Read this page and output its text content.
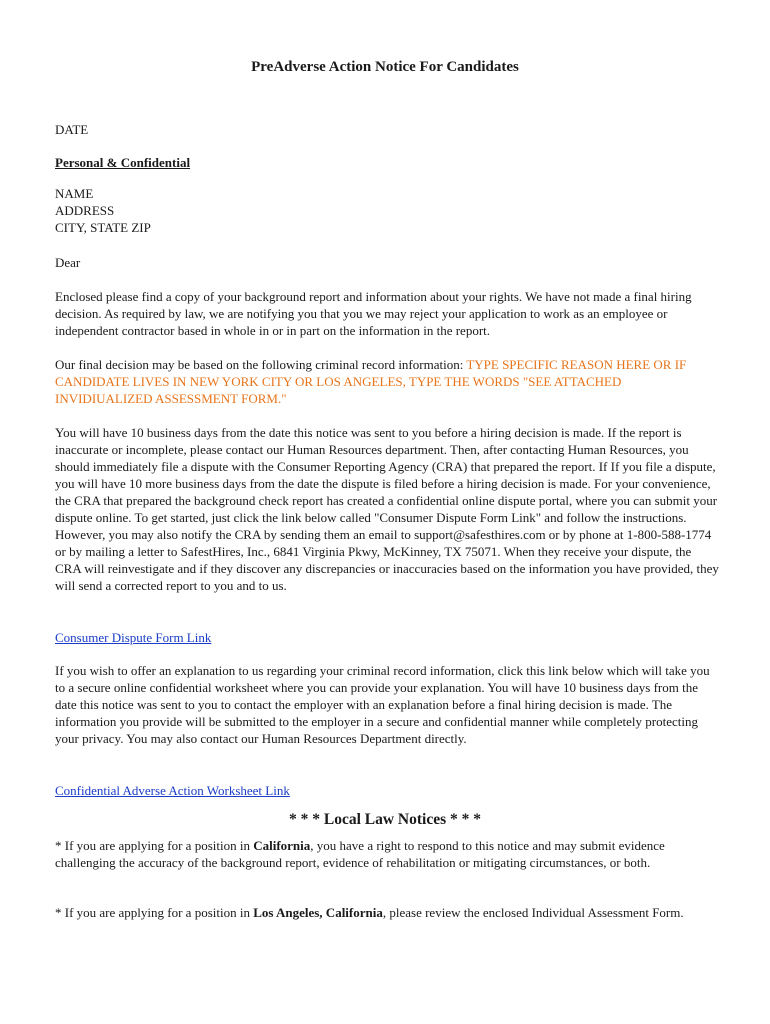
PreAdverse Action Notice For Candidates

DATE

Personal & Confidential

NAME
ADDRESS
CITY, STATE ZIP

Dear

Enclosed please find a copy of your background report and information about your rights. We have not made a final hiring decision. As required by law, we are notifying you that you we may reject your application to work as an employee or independent contractor based in whole in or in part on the information in the report.

Our final decision may be based on the following criminal record information: TYPE SPECIFIC REASON HERE OR IF CANDIDATE LIVES IN NEW YORK CITY OR LOS ANGELES, TYPE THE WORDS "SEE ATTACHED INVIDIUALIZED ASSESSMENT FORM."

You will have 10 business days from the date this notice was sent to you before a hiring decision is made. If the report is inaccurate or incomplete, please contact our Human Resources department. Then, after contacting Human Resources, you should immediately file a dispute with the Consumer Reporting Agency (CRA) that prepared the report. If If you file a dispute, you will have 10 more business days from the date the dispute is filed before a hiring decision is made. For your convenience, the CRA that prepared the background check report has created a confidential online dispute portal, where you can submit your dispute online. To get started, just click the link below called "Consumer Dispute Form Link" and follow the instructions. However, you may also notify the CRA by sending them an email to support@safesthires.com or by phone at 1-800-588-1774 or by mailing a letter to SafestHires, Inc., 6841 Virginia Pkwy, McKinney, TX 75071. When they receive your dispute, the CRA will reinvestigate and if they discover any discrepancies or inaccuracies based on the information you have provided, they will send a corrected report to you and to us.

Consumer Dispute Form Link

If you wish to offer an explanation to us regarding your criminal record information, click this link below which will take you to a secure online confidential worksheet where you can provide your explanation. You will have 10 business days from the date this notice was sent to you to contact the employer with an explanation before a final hiring decision is made. The information you provide will be submitted to the employer in a secure and confidential manner while completely protecting your privacy. You may also contact our Human Resources Department directly.

Confidential Adverse Action Worksheet Link

* * * Local Law Notices * * *

* If you are applying for a position in California, you have a right to respond to this notice and may submit evidence challenging the accuracy of the background report, evidence of rehabilitation or mitigating circumstances, or both.

* If you are applying for a position in Los Angeles, California, please review the enclosed Individual Assessment Form.
